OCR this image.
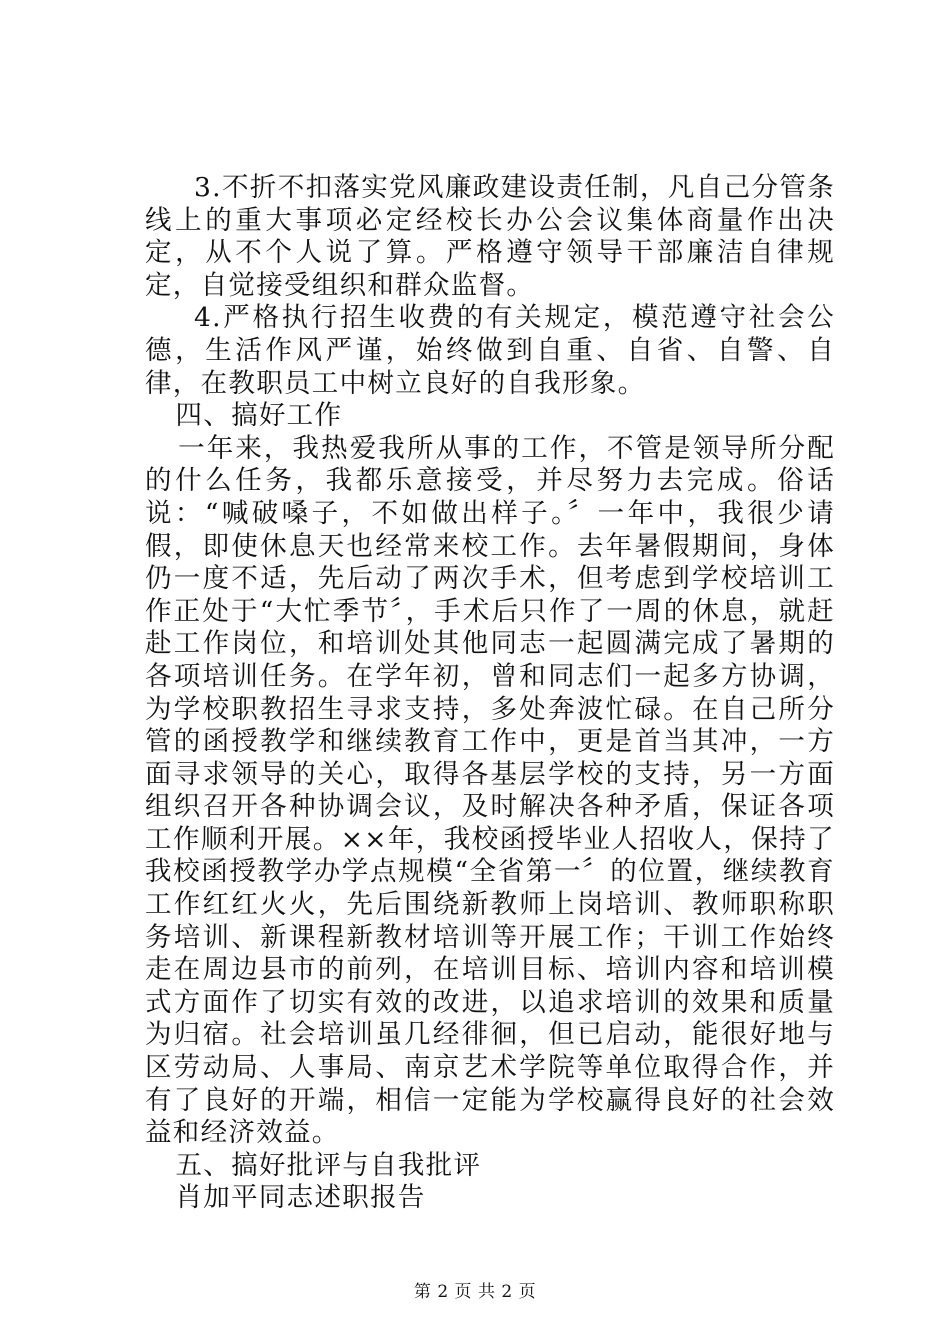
3.不折不扣落实党风廉政建设责任制，凡自己分管条线上的重大事项必定经校长办公会议集体商量作出决定，从不个人说了算。严格遵守领导干部廉洁自律规定，自觉接受组织和群众监督。

4.严格执行招生收费的有关规定，模范遵守社会公德，生活作风严谨，始终做到自重、自省、自警、自律，在教职员工中树立良好的自我形象。

四、搞好工作

一年来，我热爱我所从事的工作，不管是领导所分配的什么任务，我都乐意接受，并尽努力去完成。俗话说：“喊破嗓子，不如做出样子。〞一年中，我很少请假，即使休息天也经常来校工作。去年暑假期间，身体仍一度不适，先后动了两次手术，但考虑到学校培训工作正处于“大忙季节〞，手术后只作了一周的休息，就赶赴工作岗位，和培训处其他同志一起圆满完成了暑期的各项培训任务。在学年初，曾和同志们一起多方协调，为学校职教招生寻求支持，多处奔波忙碌。在自己所分管的函授教学和继续教育工作中，更是首当其冲，一方面寻求领导的关心，取得各基层学校的支持，另一方面组织召开各种协调会议，及时解决各种矛盾，保证各项工作顺利开展。××年，我校函授毕业人招收人，保持了我校函授教学办学点规模“全省第一〞的位置，继续教育工作红红火火，先后围绕新教师上岗培训、教师职称职务培训、新课程新教材培训等开展工作；干训工作始终走在周边县市的前列，在培训目标、培训内容和培训模式方面作了切实有效的改进，以追求培训的效果和质量为归宿。社会培训虽几经徘徊，但已启动，能很好地与区劳动局、人事局、南京艺术学院等单位取得合作，并有了良好的开端，相信一定能为学校赢得良好的社会效益和经济效益。

五、搞好批评与自我批评

肖加平同志述职报告

第 2 页 共 2 页
